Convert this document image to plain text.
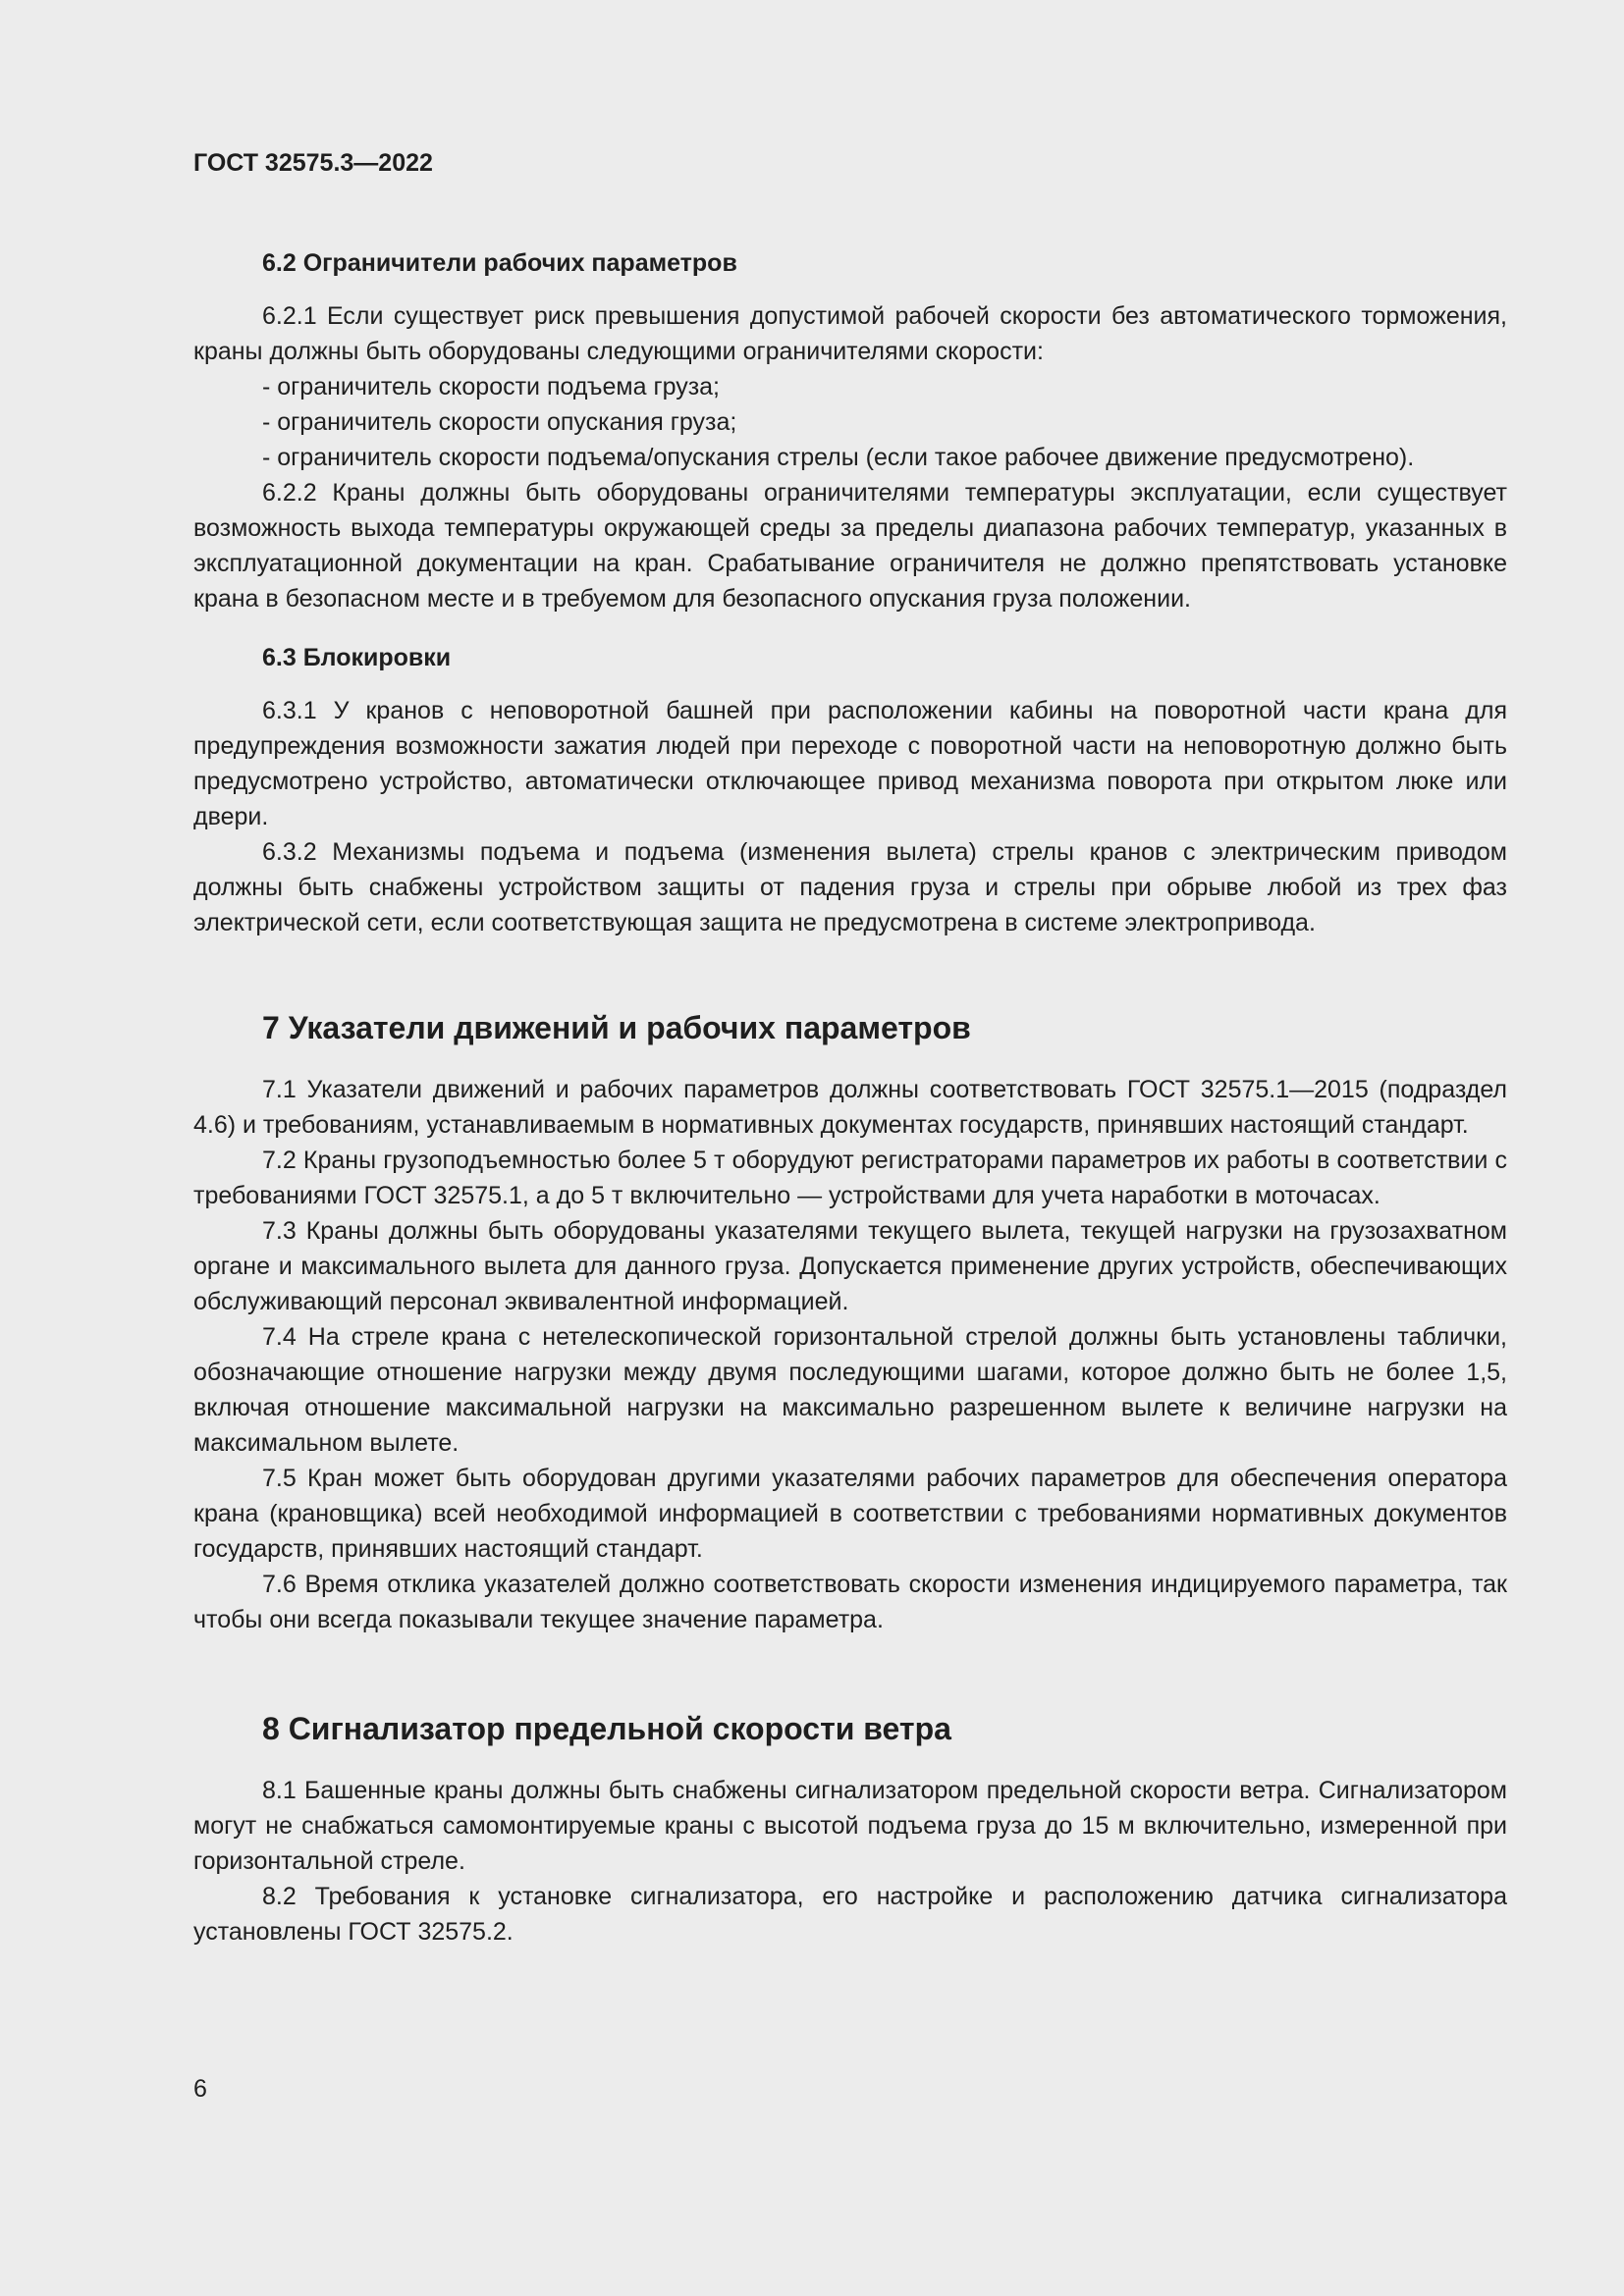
ГОСТ 32575.3—2022
6.2 Ограничители рабочих параметров

6.2.1 Если существует риск превышения допустимой рабочей скорости без автоматического торможения, краны должны быть оборудованы следующими ограничителями скорости:

- ограничитель скорости подъема груза;

- ограничитель скорости опускания груза;

- ограничитель скорости подъема/опускания стрелы (если такое рабочее движение предусмотрено).

6.2.2 Краны должны быть оборудованы ограничителями температуры эксплуатации, если существует возможность выхода температуры окружающей среды за пределы диапазона рабочих температур, указанных в эксплуатационной документации на кран. Срабатывание ограничителя не должно препятствовать установке крана в безопасном месте и в требуемом для безопасного опускания груза положении.

6.3 Блокировки

6.3.1 У кранов с неповоротной башней при расположении кабины на поворотной части крана для предупреждения возможности зажатия людей при переходе с поворотной части на неповоротную должно быть предусмотрено устройство, автоматически отключающее привод механизма поворота при открытом люке или двери.

6.3.2 Механизмы подъема и подъема (изменения вылета) стрелы кранов с электрическим приводом должны быть снабжены устройством защиты от падения груза и стрелы при обрыве любой из трех фаз электрической сети, если соответствующая защита не предусмотрена в системе электропривода.

7 Указатели движений и рабочих параметров

7.1 Указатели движений и рабочих параметров должны соответствовать ГОСТ 32575.1—2015 (подраздел 4.6) и требованиям, устанавливаемым в нормативных документах государств, принявших настоящий стандарт.

7.2 Краны грузоподъемностью более 5 т оборудуют регистраторами параметров их работы в соответствии с требованиями ГОСТ 32575.1, а до 5 т включительно — устройствами для учета наработки в моточасах.

7.3 Краны должны быть оборудованы указателями текущего вылета, текущей нагрузки на грузозахватном органе и максимального вылета для данного груза. Допускается применение других устройств, обеспечивающих обслуживающий персонал эквивалентной информацией.

7.4 На стреле крана с нетелескопической горизонтальной стрелой должны быть установлены таблички, обозначающие отношение нагрузки между двумя последующими шагами, которое должно быть не более 1,5, включая отношение максимальной нагрузки на максимально разрешенном вылете к величине нагрузки на максимальном вылете.

7.5 Кран может быть оборудован другими указателями рабочих параметров для обеспечения оператора крана (крановщика) всей необходимой информацией в соответствии с требованиями нормативных документов государств, принявших настоящий стандарт.

7.6 Время отклика указателей должно соответствовать скорости изменения индицируемого параметра, так чтобы они всегда показывали текущее значение параметра.

8 Сигнализатор предельной скорости ветра

8.1 Башенные краны должны быть снабжены сигнализатором предельной скорости ветра. Сигнализатором могут не снабжаться самомонтируемые краны с высотой подъема груза до 15 м включительно, измеренной при горизонтальной стреле.

8.2 Требования к установке сигнализатора, его настройке и расположению датчика сигнализатора установлены ГОСТ 32575.2.

6
